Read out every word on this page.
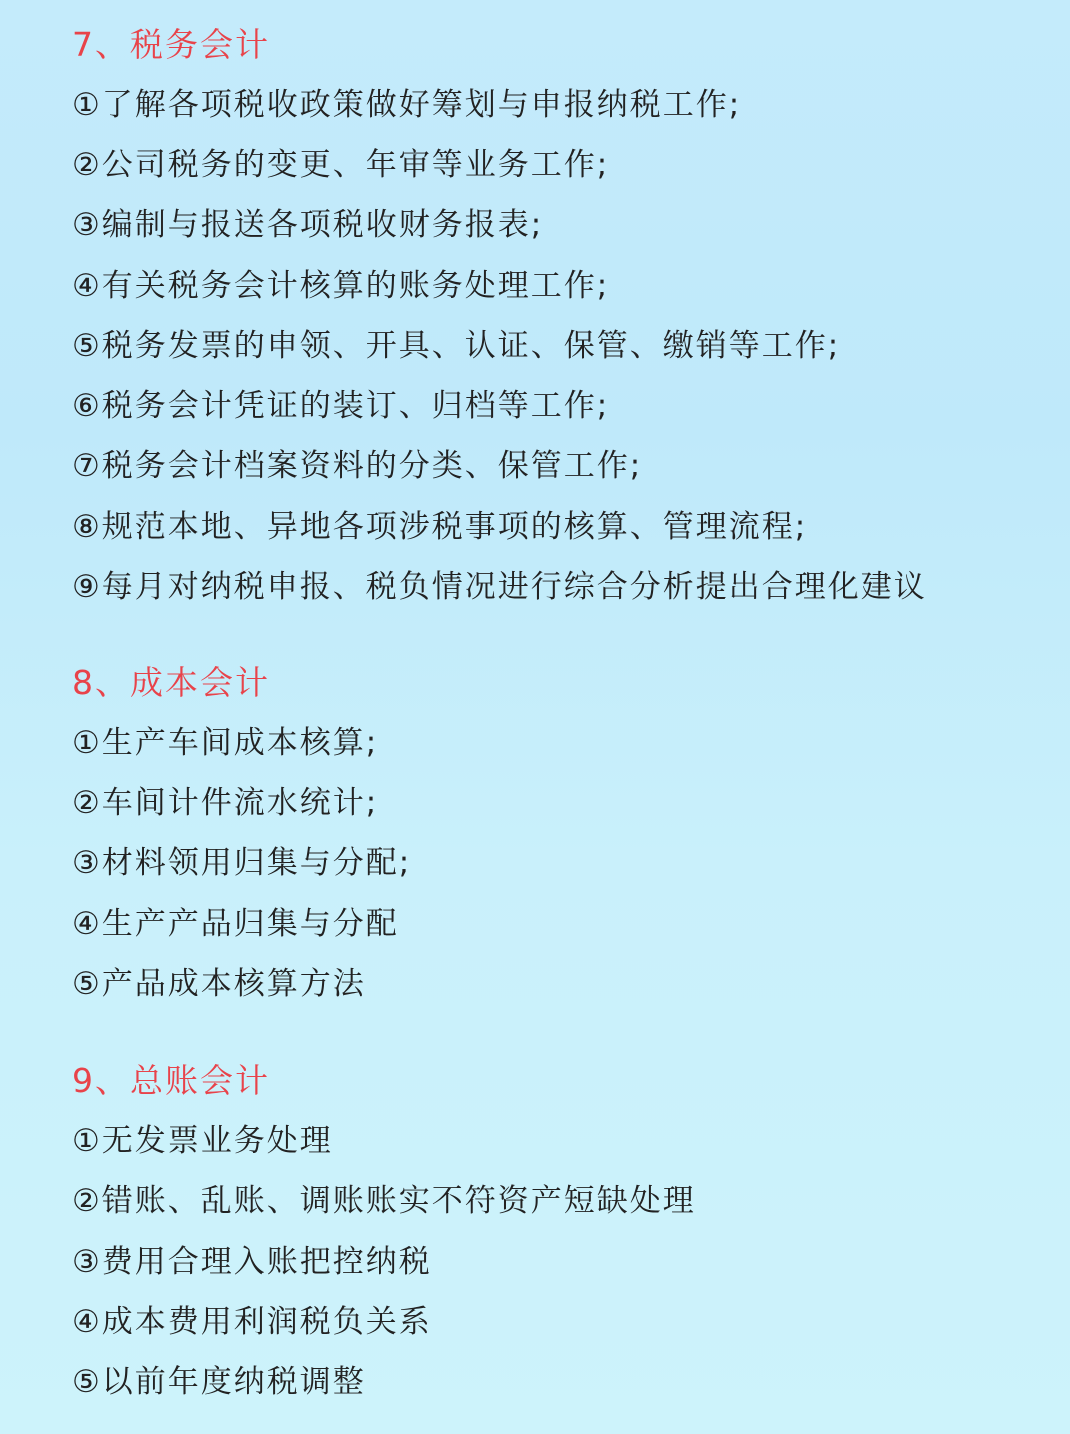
7、税务会计
①了解各项税收政策做好筹划与申报纳税工作;
②公司税务的变更、年审等业务工作;
③编制与报送各项税收财务报表;
④有关税务会计核算的账务处理工作;
⑤税务发票的申领、开具、认证、保管、缴销等工作;
⑥税务会计凭证的装订、归档等工作;
⑦税务会计档案资料的分类、保管工作;
⑧规范本地、异地各项涉税事项的核算、管理流程;
⑨每月对纳税申报、税负情况进行综合分析提出合理化建议
8、成本会计
①生产车间成本核算;
②车间计件流水统计;
③材料领用归集与分配;
④生产产品归集与分配
⑤产品成本核算方法
9、总账会计
①无发票业务处理
②错账、乱账、调账账实不符资产短缺处理
③费用合理入账把控纳税
④成本费用利润税负关系
⑤以前年度纳税调整
